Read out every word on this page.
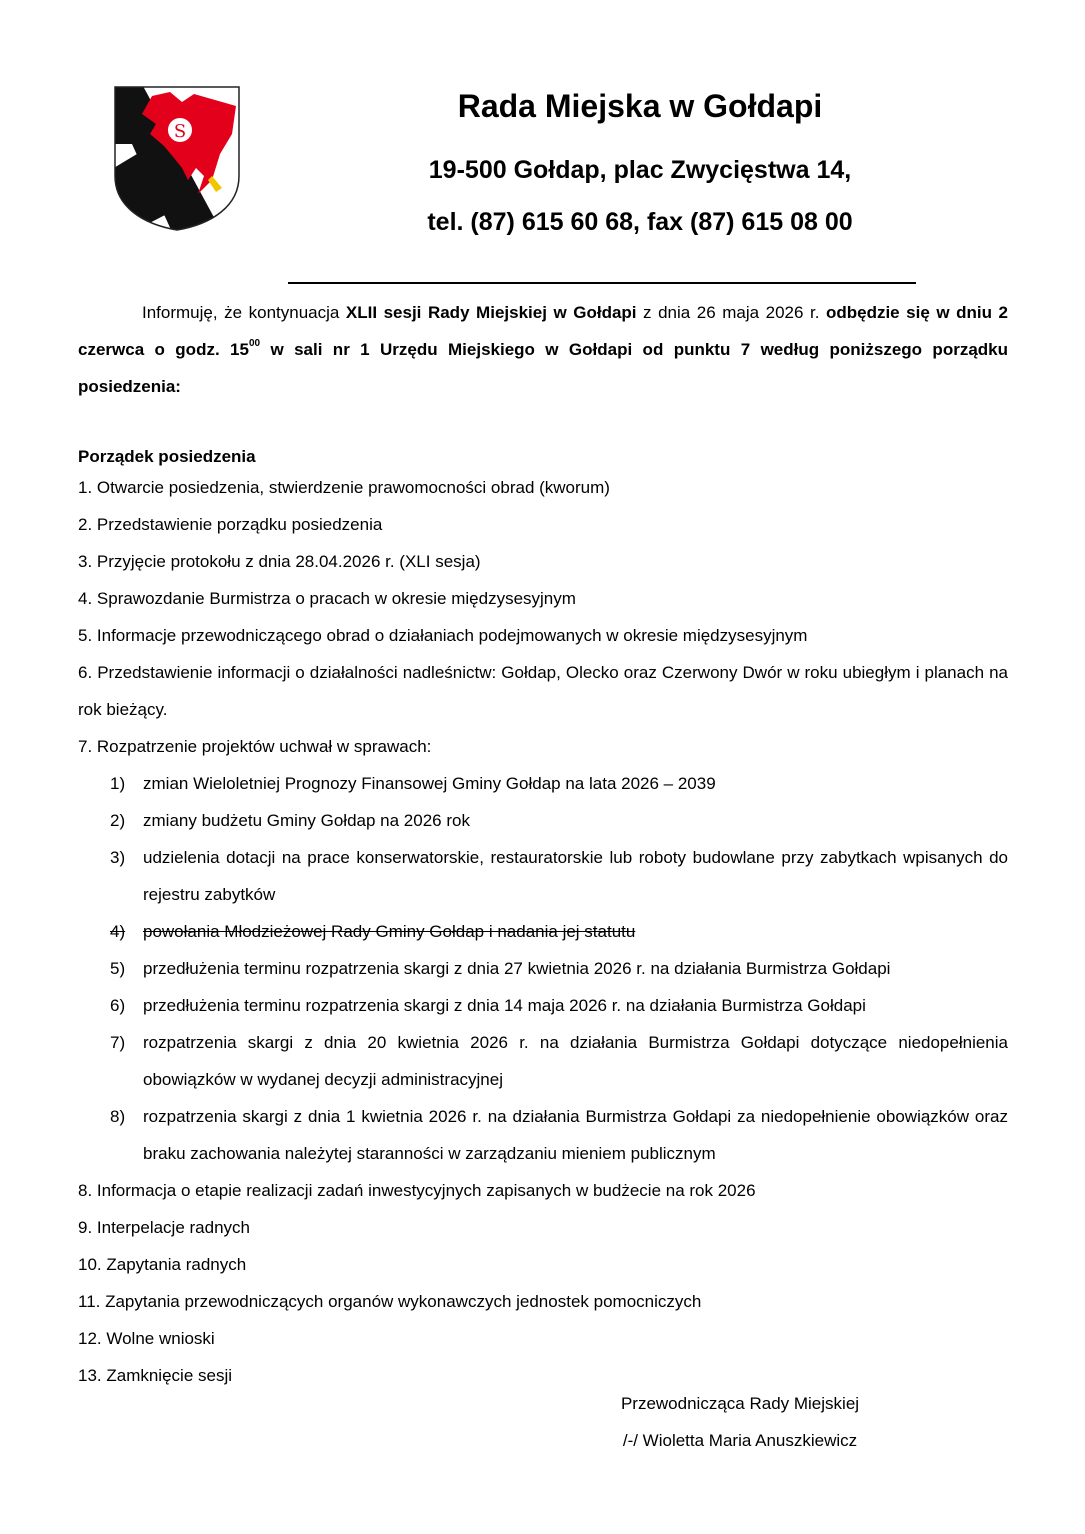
S
Rada Miejska w Gołdapi
19-500 Gołdap, plac Zwycięstwa 14,
tel. (87) 615 60 68, fax (87) 615 08 00

Informuję, że kontynuacja XLII sesji Rady Miejskiej w Gołdapi z dnia 26 maja 2026 r. odbędzie się w dniu 2 czerwca o godz. $15^{00}$ w sali nr 1 Urzędu Miejskiego w Gołdapi od punktu 7 według poniższego porządku posiedzenia:

Porządek posiedzenia
1. Otwarcie posiedzenia, stwierdzenie prawomocności obrad (kworum)
2. Przedstawienie porządku posiedzenia
3. Przyjęcie protokołu z dnia 28.04.2026 r. (XLI sesja)
4. Sprawozdanie Burmistrza o pracach w okresie międzysesyjnym
5. Informacje przewodniczącego obrad o działaniach podejmowanych w okresie międzysesyjnym
6. Przedstawienie informacji o działalności nadleśnictw: Gołdap, Olecko oraz Czerwony Dwór w roku ubiegłym i planach na rok bieżący.
7. Rozpatrzenie projektów uchwał w sprawach:
1) zmian Wieloletniej Prognozy Finansowej Gminy Gołdap na lata 2026 – 2039
2) zmiany budżetu Gminy Gołdap na 2026 rok
3) udzielenia dotacji na prace konserwatorskie, restauratorskie lub roboty budowlane przy zabytkach wpisanych do rejestru zabytków
4) powołania Młodzieżowej Rady Gminy Gołdap i nadania jej statutu
5) przedłużenia terminu rozpatrzenia skargi z dnia 27 kwietnia 2026 r. na działania Burmistrza Gołdapi
6) przedłużenia terminu rozpatrzenia skargi z dnia 14 maja 2026 r. na działania Burmistrza Gołdapi
7) rozpatrzenia skargi z dnia 20 kwietnia 2026 r. na działania Burmistrza Gołdapi dotyczące niedopełnienia obowiązków w wydanej decyzji administracyjnej
8) rozpatrzenia skargi z dnia 1 kwietnia 2026 r. na działania Burmistrza Gołdapi za niedopełnienie obowiązków oraz braku zachowania należytej staranności w zarządzaniu mieniem publicznym
8. Informacja o etapie realizacji zadań inwestycyjnych zapisanych w budżecie na rok 2026
9. Interpelacje radnych
10. Zapytania radnych
11. Zapytania przewodniczących organów wykonawczych jednostek pomocniczych
12. Wolne wnioski
13. Zamknięcie sesji
Przewodnicząca Rady Miejskiej
/-/ Wioletta Maria Anuszkiewicz
